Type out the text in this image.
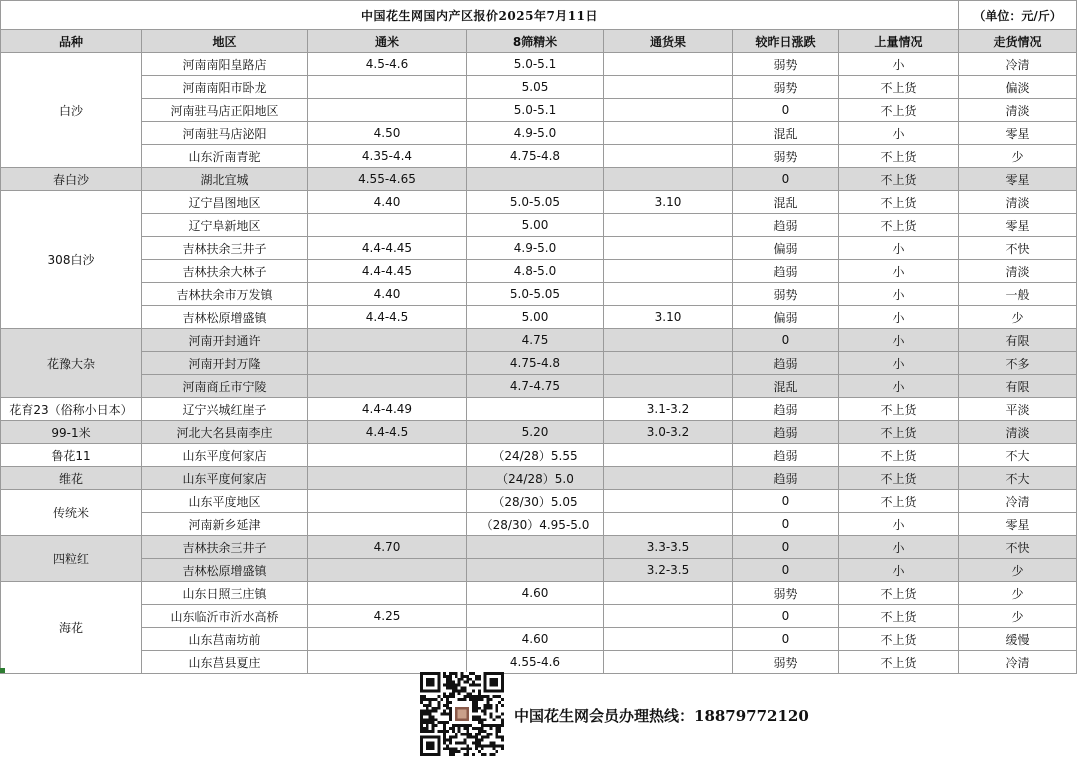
中国花生网国内产区报价2025年7月11日							（单位：元/斤）
品种	地区	通米	8筛精米	通货果	较昨日涨跌	上量情况	走货情况
白沙	河南南阳皇路店	4.5-4.6	5.0-5.1		弱势	小	冷清
	河南南阳市卧龙		5.05		弱势	不上货	偏淡
	河南驻马店正阳地区		5.0-5.1		0	不上货	清淡
	河南驻马店泌阳	4.50	4.9-5.0		混乱	小	零星
	山东沂南青驼	4.35-4.4	4.75-4.8		弱势	不上货	少
春白沙	湖北宜城	4.55-4.65			0	不上货	零星
308白沙	辽宁昌图地区	4.40	5.0-5.05	3.10	混乱	不上货	清淡
	辽宁阜新地区		5.00		趋弱	不上货	零星
	吉林扶余三井子	4.4-4.45	4.9-5.0		偏弱	小	不快
	吉林扶余大林子	4.4-4.45	4.8-5.0		趋弱	小	清淡
	吉林扶余市万发镇	4.40	5.0-5.05		弱势	小	一般
	吉林松原增盛镇	4.4-4.5	5.00	3.10	偏弱	小	少
花豫大杂	河南开封通许		4.75		0	小	有限
	河南开封万隆		4.75-4.8		趋弱	小	不多
	河南商丘市宁陵		4.7-4.75		混乱	小	有限
花育23（俗称小日本）	辽宁兴城红崖子	4.4-4.49		3.1-3.2	趋弱	不上货	平淡
99-1米	河北大名县南李庄	4.4-4.5	5.20	3.0-3.2	趋弱	不上货	清淡
鲁花11	山东平度何家店		（24/28）5.55		趋弱	不上货	不大
维花	山东平度何家店		（24/28）5.0		趋弱	不上货	不大
传统米	山东平度地区		（28/30）5.05		0	不上货	冷清
	河南新乡延津		（28/30）4.95-5.0		0	小	零星
四粒红	吉林扶余三井子	4.70		3.3-3.5	0	小	不快
	吉林松原增盛镇			3.2-3.5	0	小	少
海花	山东日照三庄镇		4.60		弱势	不上货	少
	山东临沂市沂水高桥	4.25			0	不上货	少
	山东莒南坊前		4.60		0	不上货	缓慢
	山东莒县夏庄		4.55-4.6		弱势	不上货	冷清
中国花生网会员办理热线：18879772120
